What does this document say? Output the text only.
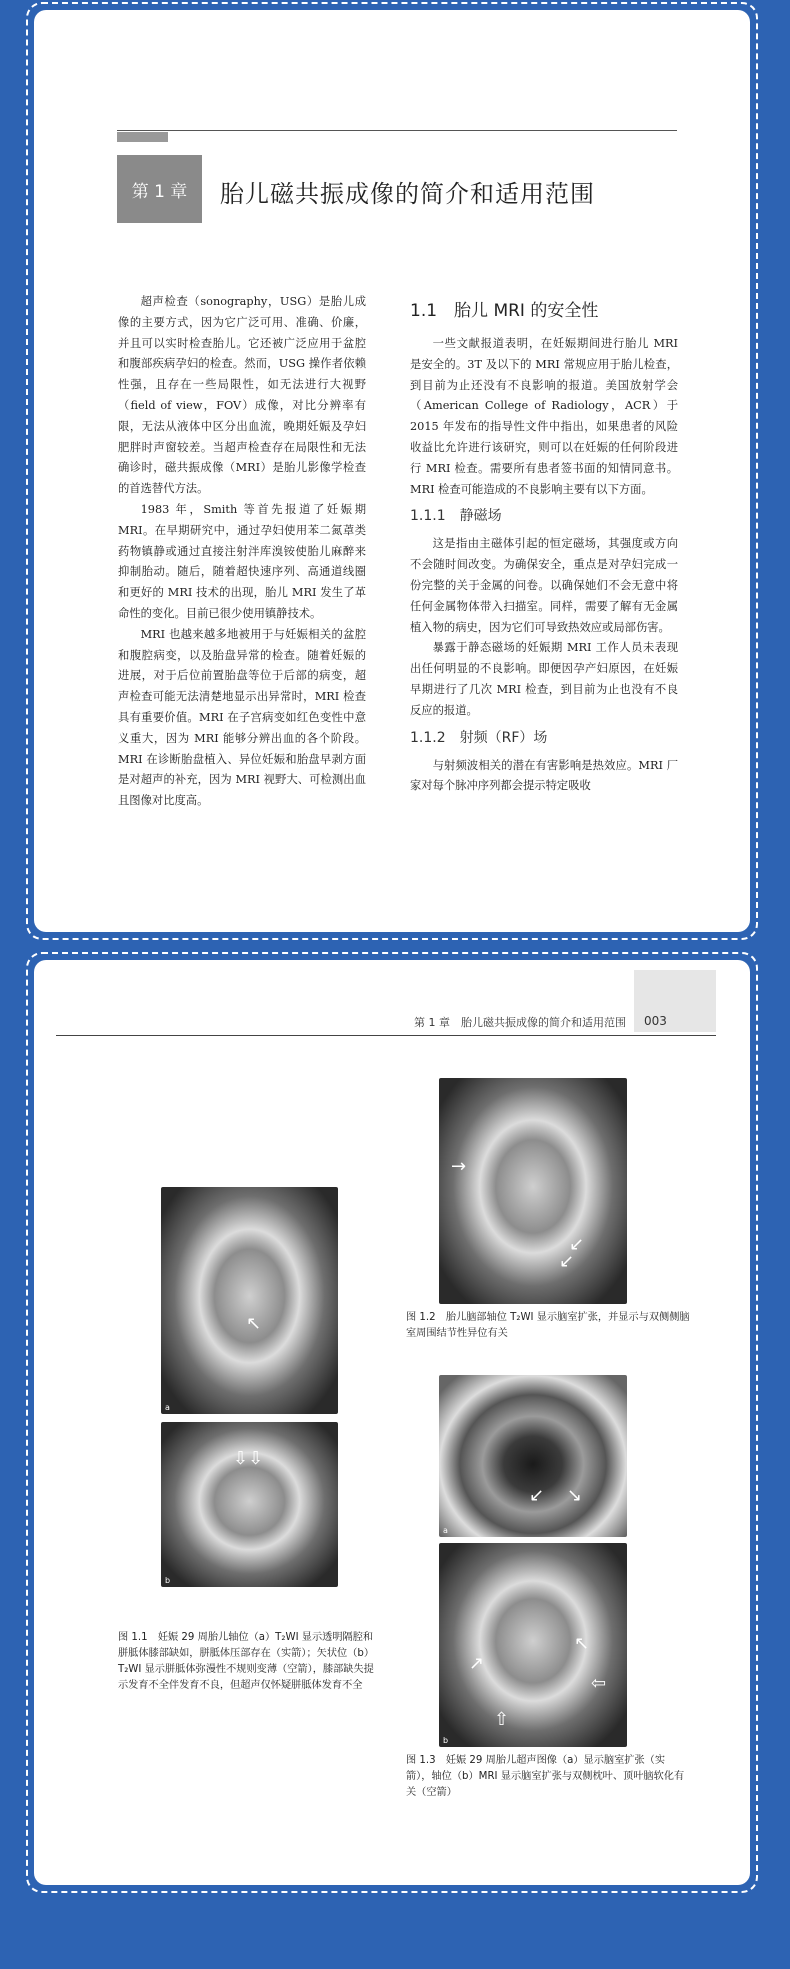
第 1 章	胎儿磁共振成像的简介和适用范围

超声检查（sonography，USG）是胎儿成像的主要方式，因为它广泛可用、准确、价廉，并且可以实时检查胎儿。它还被广泛应用于盆腔和腹部疾病孕妇的检查。然而，USG 操作者依赖性强，且存在一些局限性，如无法进行大视野（field of view，FOV）成像，对比分辨率有限，无法从液体中区分出血流，晚期妊娠及孕妇肥胖时声窗较差。当超声检查存在局限性和无法确诊时，磁共振成像（MRI）是胎儿影像学检查的首选替代方法。

1983 年，Smith 等首先报道了妊娠期 MRI。在早期研究中，通过孕妇使用苯二氮䓬类药物镇静或通过直接注射泮库溴铵使胎儿麻醉来抑制胎动。随后，随着超快速序列、高通道线圈和更好的 MRI 技术的出现，胎儿 MRI 发生了革命性的变化。目前已很少使用镇静技术。

MRI 也越来越多地被用于与妊娠相关的盆腔和腹腔病变，以及胎盘异常的检查。随着妊娠的进展，对于后位前置胎盘等位于后部的病变，超声检查可能无法清楚地显示出异常时，MRI 检查具有重要价值。MRI 在子宫病变如红色变性中意义重大，因为 MRI 能够分辨出血的各个阶段。MRI 在诊断胎盘植入、异位妊娠和胎盘早剥方面是对超声的补充，因为 MRI 视野大、可检测出血且图像对比度高。

1.1　胎儿 MRI 的安全性

一些文献报道表明，在妊娠期间进行胎儿 MRI 是安全的。3T 及以下的 MRI 常规应用于胎儿检查，到目前为止还没有不良影响的报道。美国放射学会（American College of Radiology，ACR）于 2015 年发布的指导性文件中指出，如果患者的风险收益比允许进行该研究，则可以在妊娠的任何阶段进行 MRI 检查。需要所有患者签书面的知情同意书。MRI 检查可能造成的不良影响主要有以下方面。

1.1.1　静磁场

这是指由主磁体引起的恒定磁场，其强度或方向不会随时间改变。为确保安全，重点是对孕妇完成一份完整的关于金属的问卷。以确保她们不会无意中将任何金属物体带入扫描室。同样，需要了解有无金属植入物的病史，因为它们可导致热效应或局部伤害。

暴露于静态磁场的妊娠期 MRI 工作人员未表现出任何明显的不良影响。即便因孕产妇原因，在妊娠早期进行了几次 MRI 检查，到目前为止也没有不良反应的报道。

1.1.2　射频（RF）场

与射频波相关的潜在有害影响是热效应。MRI 厂家对每个脉冲序列都会提示特定吸收

第 1 章　胎儿磁共振成像的简介和适用范围 003
↖
a
⇩⇩
b
图 1.1　妊娠 29 周胎儿轴位（a）T₂WI 显示透明隔腔和胼胝体膝部缺如，胼胝体压部存在（实箭）；矢状位（b）T₂WI 显示胼胝体弥漫性不规则变薄（空箭），膝部缺失提示发育不全伴发育不良，但超声仅怀疑胼胝体发育不全
→
↙
↙
图 1.2　胎儿脑部轴位 T₂WI 显示脑室扩张，并显示与双侧侧脑室周围结节性异位有关
↙ ↘
a
↗
↖
⇦
⇧
b
图 1.3　妊娠 29 周胎儿超声图像（a）显示脑室扩张（实箭），轴位（b）MRI 显示脑室扩张与双侧枕叶、顶叶脑软化有关（空箭）
